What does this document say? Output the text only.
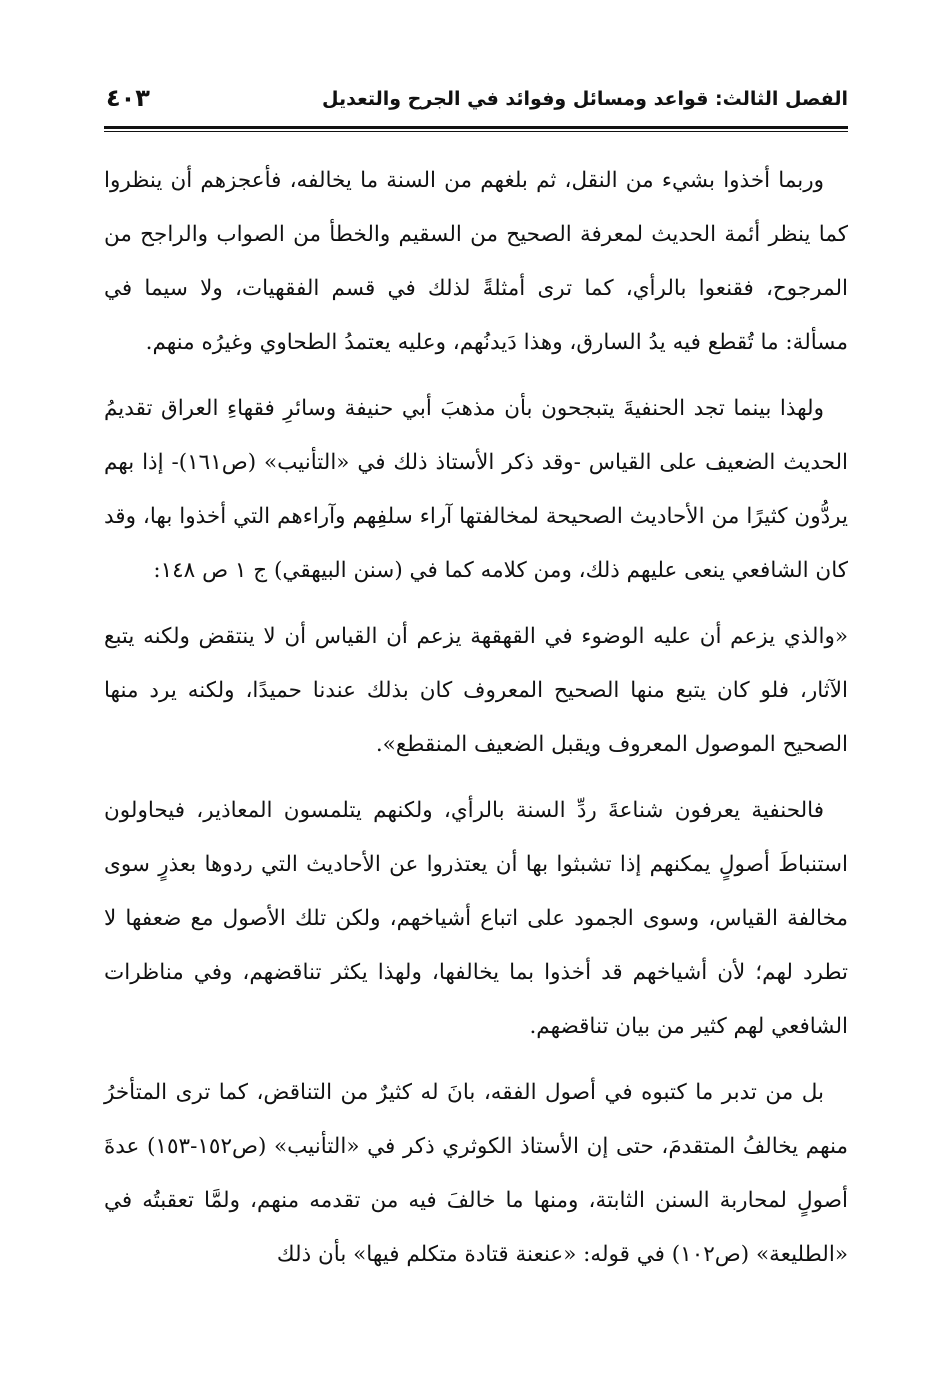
الفصل الثالث: قواعد ومسائل وفوائد في الجرح والتعديل
٤٠٣

وربما أخذوا بشيء من النقل، ثم بلغهم من السنة ما يخالفه، فأعجزهم أن ينظروا كما ينظر أئمة الحديث لمعرفة الصحيح من السقيم والخطأ من الصواب والراجح من المرجوح، فقنعوا بالرأي، كما ترى أمثلةً لذلك في قسم الفقهيات، ولا سيما في مسألة: ما تُقطع فيه يدُ السارق، وهذا دَيدنُهم، وعليه يعتمدُ الطحاوي وغيرُه منهم.

ولهذا بينما تجد الحنفيةَ يتبجحون بأن مذهبَ أبي حنيفة وسائرِ فقهاءِ العراق تقديمُ الحديث الضعيف على القياس -وقد ذكر الأستاذ ذلك في «التأنيب» (ص١٦١)- إذا بهم يردُّون كثيرًا من الأحاديث الصحيحة لمخالفتها آراء سلفِهم وآراءهم التي أخذوا بها، وقد كان الشافعي ينعى عليهم ذلك، ومن كلامه كما في (سنن البيهقي) ج ١ ص ١٤٨:

«والذي يزعم أن عليه الوضوء في القهقهة يزعم أن القياس أن لا ينتقض ولكنه يتبع الآثار، فلو كان يتبع منها الصحيح المعروف كان بذلك عندنا حميدًا، ولكنه يرد منها الصحيح الموصول المعروف ويقبل الضعيف المنقطع».

فالحنفية يعرفون شناعةَ ردِّ السنة بالرأي، ولكنهم يتلمسون المعاذير، فيحاولون استنباطَ أصولٍ يمكنهم إذا تشبثوا بها أن يعتذروا عن الأحاديث التي ردوها بعذرٍ سوى مخالفة القياس، وسوى الجمود على اتباع أشياخهم، ولكن تلك الأصول مع ضعفها لا تطرد لهم؛ لأن أشياخهم قد أخذوا بما يخالفها، ولهذا يكثر تناقضهم، وفي مناظرات الشافعي لهم كثير من بيان تناقضهم.

بل من تدبر ما كتبوه في أصول الفقه، بانَ له كثيرٌ من التناقض، كما ترى المتأخرُ منهم يخالفُ المتقدمَ، حتى إن الأستاذ الكوثري ذكر في «التأنيب» (ص١٥٢-١٥٣) عدةَ أصولٍ لمحاربة السنن الثابتة، ومنها ما خالفَ فيه من تقدمه منهم، ولمَّا تعقبتُه في «الطليعة» (ص١٠٢) في قوله: «عنعنة قتادة متكلم فيها» بأن ذلك
